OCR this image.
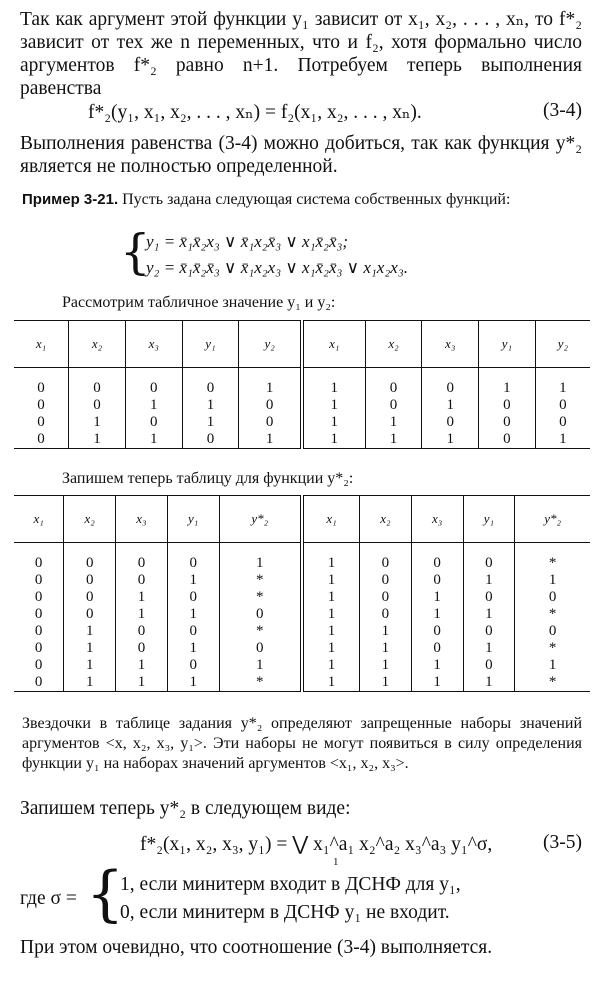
Так как аргумент этой функции y₁ зависит от x₁, x₂, . . . , xₙ, то f*₂ зависит от тех же n переменных, что и f₂, хотя формально число аргументов f*₂ равно n+1. Потребуем теперь выполнения равенства
f*₂(y₁, x₁, x₂, . . . , xₙ) = f₂(x₁, x₂, . . . , xₙ).	(3-4)
Выполнения равенства (3-4) можно добиться, так как функция y*₂ является не полностью определенной.
Пример 3-21. Пусть задана следующая система собственных функций:
{
y₁ = x̄₁x̄₂x₃ ∨ x̄₁x₂x̄₃ ∨ x₁x̄₂x̄₃;
y₂ = x̄₁x̄₂x̄₃ ∨ x̄₁x₂x₃ ∨ x₁x̄₂x̄₃ ∨ x₁x₂x₃.
Рассмотрим табличное значение y₁ и y₂:
x₁	x₂	x₃	y₁	y₂	x₁	x₂	x₃	y₁	y₂

0	0	0	0	1	1	0	0	1	1
0	0	1	1	0	1	0	1	0	0
0	1	0	1	0	1	1	0	0	0
0	1	1	0	1	1	1	1	0	1
Запишем теперь таблицу для функции y*₂:
x₁	x₂	x₃	y₁	y*₂	x₁	x₂	x₃	y₁	y*₂

0	0	0	0	1	1	0	0	0	*
0	0	0	1	*	1	0	0	1	1
0	0	1	0	*	1	0	1	0	0
0	0	1	1	0	1	0	1	1	*
0	1	0	0	*	1	1	0	0	0
0	1	0	1	0	1	1	0	1	*
0	1	1	0	1	1	1	1	0	1
0	1	1	1	*	1	1	1	1	*
Звездочки в таблице задания y*₂ определяют запрещенные наборы значений аргументов <x, x₂, x₃, y₁>. Эти наборы не могут появиться в силу определения функции y₁ на наборах значений аргументов <x₁, x₂, x₃>.
Запишем теперь y*₂ в следующем виде:
f*₂(x₁, x₂, x₃, y₁) = ⋁ x₁^a₁ x₂^a₂ x₃^a₃ y₁^σ,
1
(3-5)
где σ = {
1, если минитерм входит в ДСНФ для y₁,
0, если минитерм в ДСНФ y₁ не входит.
При этом очевидно, что соотношение (3-4) выполняется.
